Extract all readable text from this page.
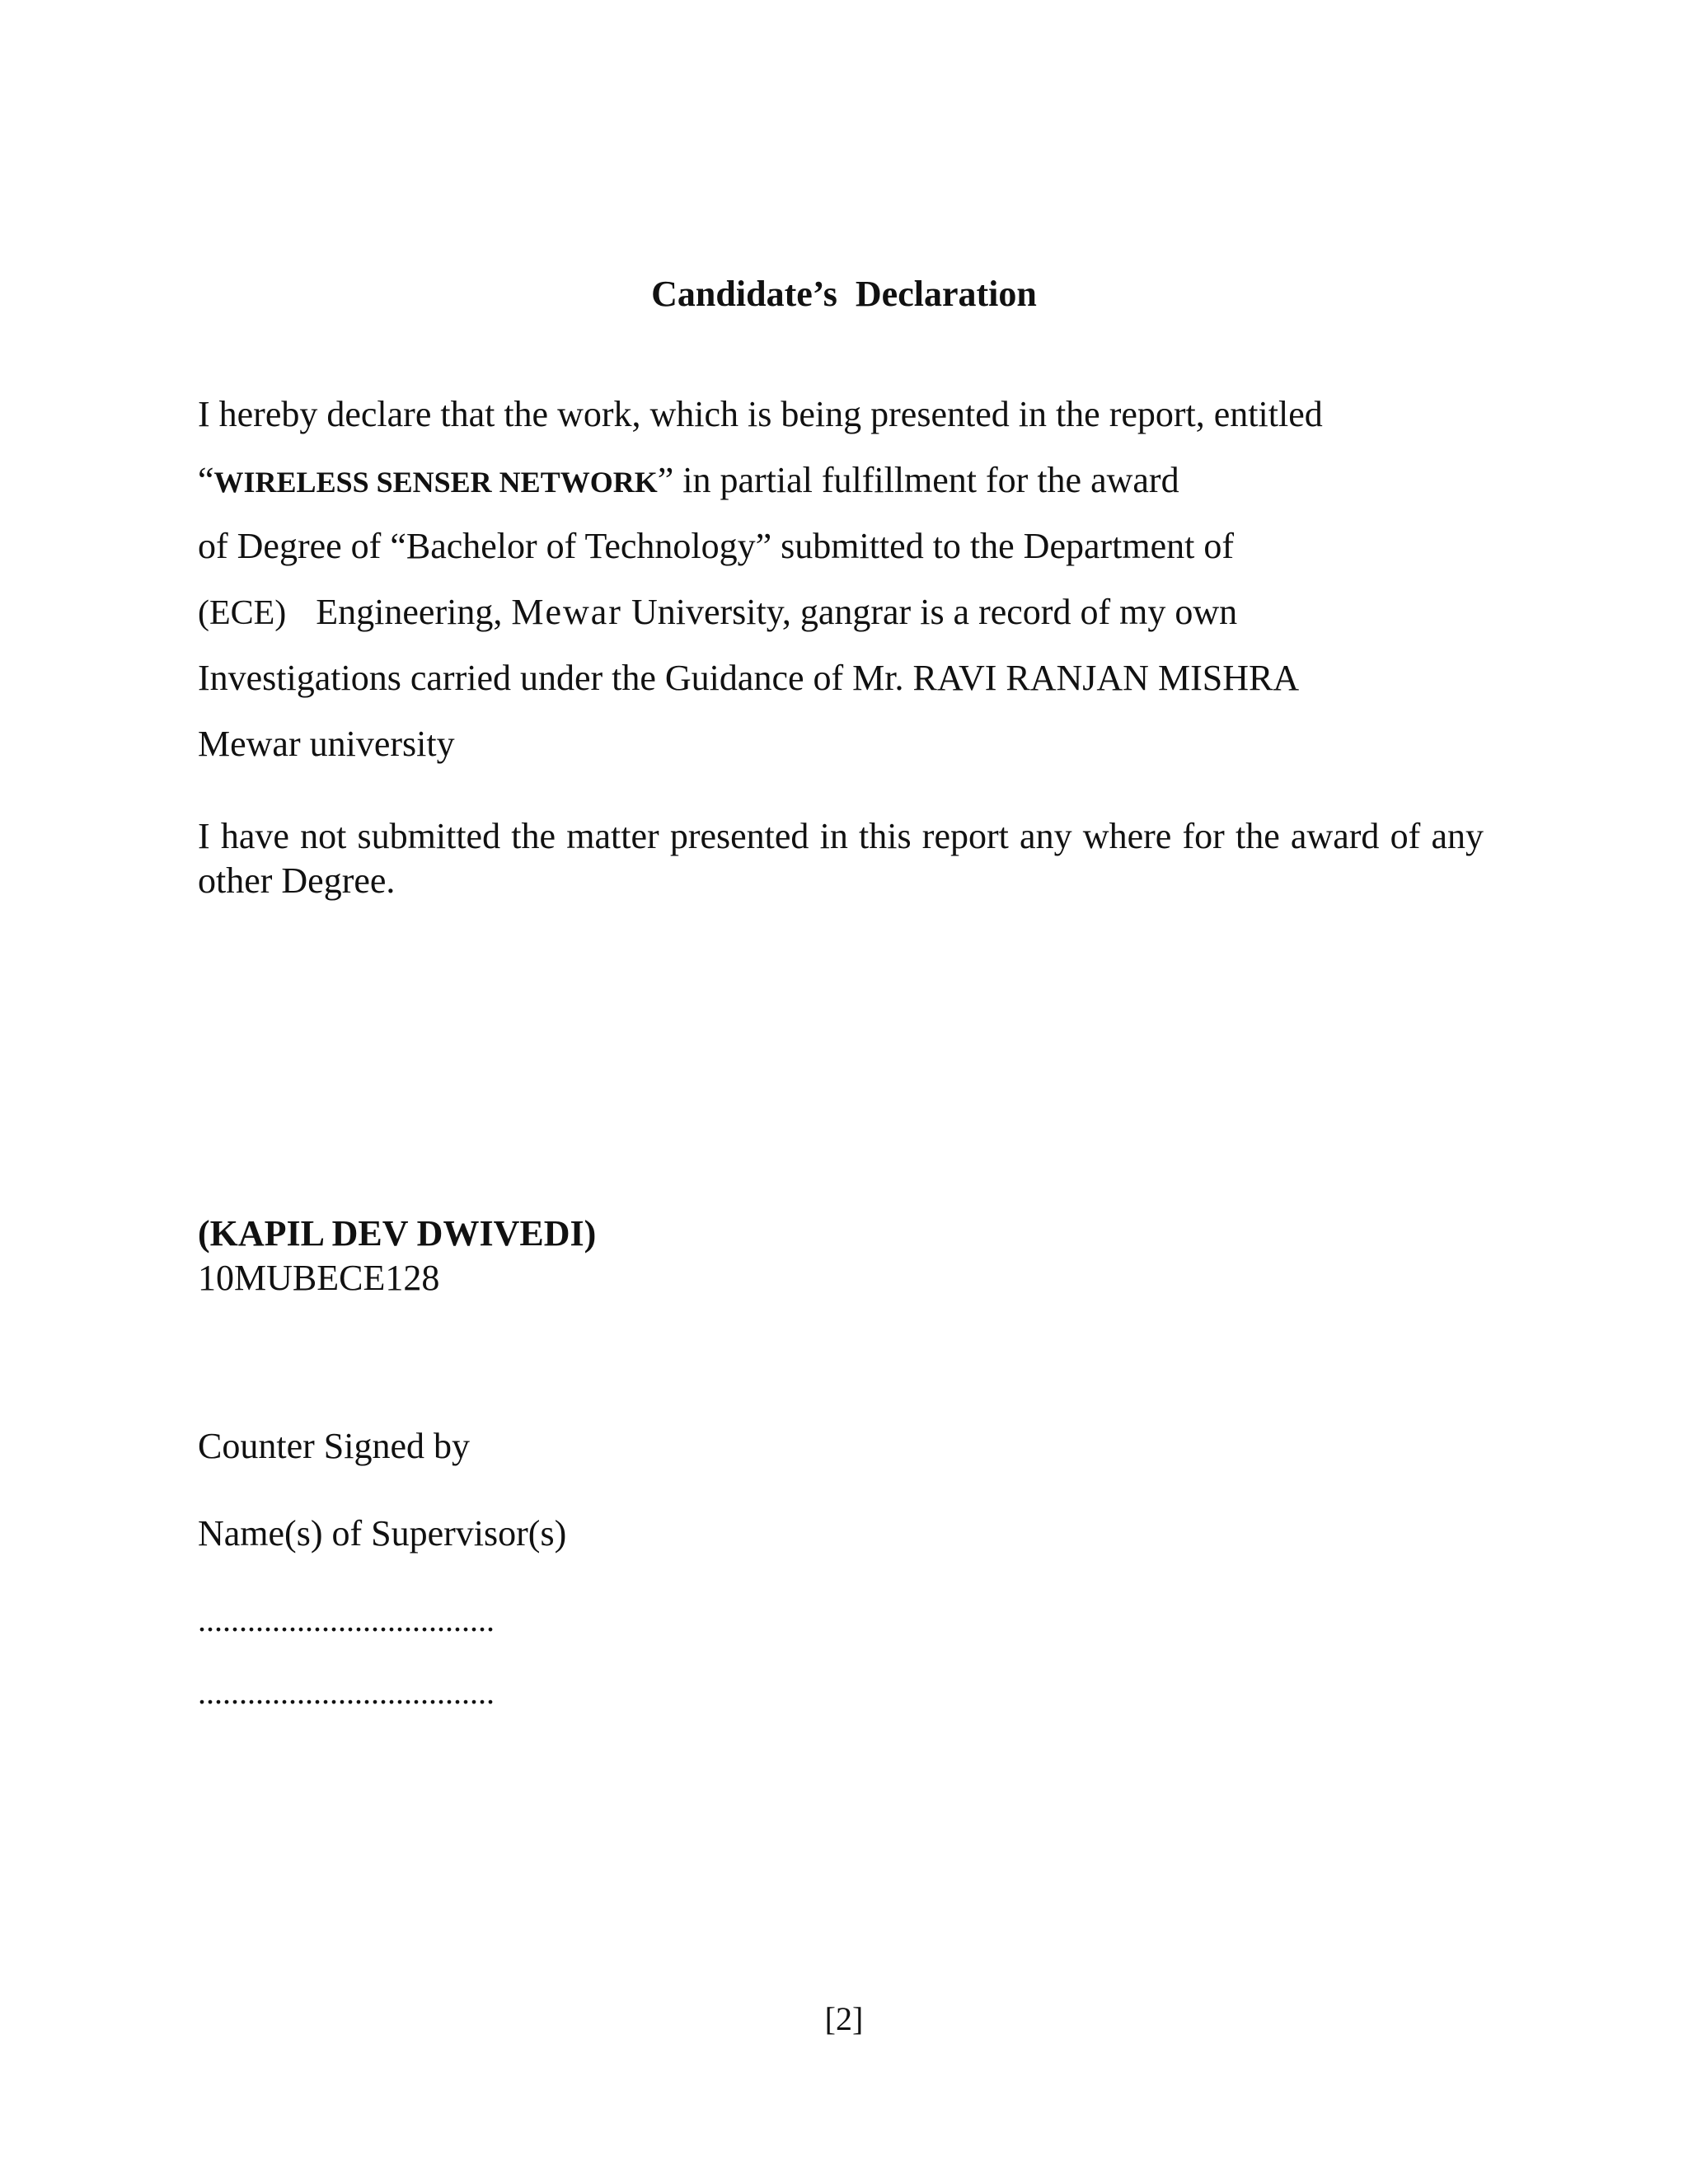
Candidate’s  Declaration
I hereby declare that the work, which is being presented in the report, entitled
“WIRELESS SENSER NETWORK” in partial fulfillment for the award
of Degree of “Bachelor of Technology” submitted to the Department of
(ECE) Engineering, Mewar University, gangrar is a record of my own
Investigations carried under the Guidance of Mr. RAVI RANJAN MISHRA
Mewar university
I have not submitted the matter presented in this report any where for the award of any other Degree.
(KAPIL DEV DWIVEDI)
10MUBECE128
Counter Signed by
Name(s) of Supervisor(s)
....................................
....................................
[2]
